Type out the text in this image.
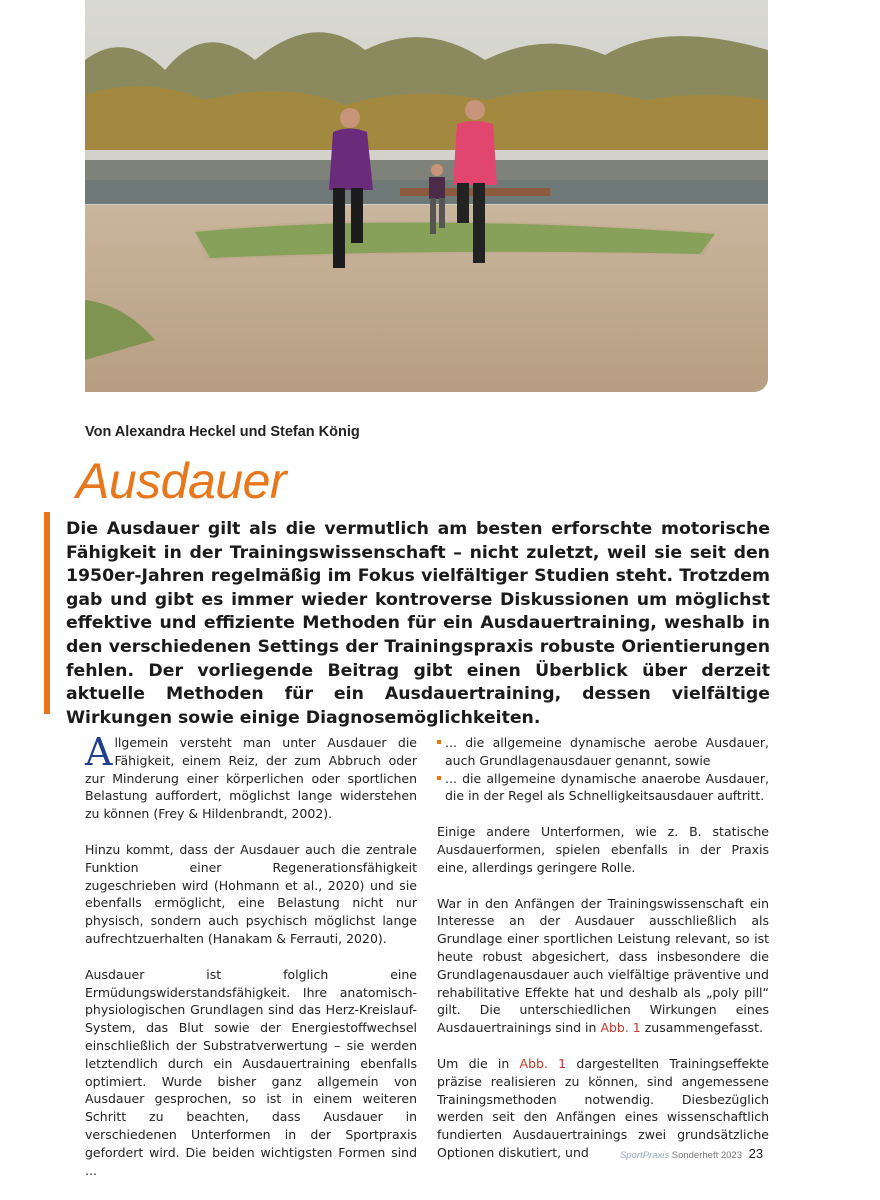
Von Alexandra Heckel und Stefan König
Ausdauer
Die Ausdauer gilt als die vermutlich am besten erforschte motorische Fähigkeit in der Trainingswissenschaft – nicht zuletzt, weil sie seit den 1950er-Jahren regelmäßig im Fokus vielfältiger Studien steht. Trotzdem gab und gibt es immer wieder kontroverse Diskussionen um möglichst effektive und effiziente Methoden für ein Ausdauertraining, weshalb in den verschiedenen Settings der Trainingspraxis robuste Orientierungen fehlen. Der vorliegende Beitrag gibt einen Überblick über derzeit aktuelle Methoden für ein Ausdauertraining, dessen vielfältige Wirkungen sowie einige Diagnosemöglichkeiten.

Allgemein versteht man unter Ausdauer die Fähigkeit, einem Reiz, der zum Abbruch oder zur Minderung einer körperlichen oder sportlichen Belastung auffordert, möglichst lange widerstehen zu können (Frey & Hildenbrandt, 2002).

Hinzu kommt, dass der Ausdauer auch die zentrale Funktion einer Regenerationsfähigkeit zugeschrieben wird (Hohmann et al., 2020) und sie ebenfalls ermöglicht, eine Belastung nicht nur physisch, sondern auch psychisch möglichst lange aufrechtzuerhalten (Hanakam & Ferrauti, 2020).

Ausdauer ist folglich eine Ermüdungswiderstandsfähigkeit. Ihre anatomisch-physiologischen Grundlagen sind das Herz-Kreislauf-System, das Blut sowie der Energiestoffwechsel einschließlich der Substratverwertung – sie werden letztendlich durch ein Ausdauertraining ebenfalls optimiert. Wurde bisher ganz allgemein von Ausdauer gesprochen, so ist in einem weiteren Schritt zu beachten, dass Ausdauer in verschiedenen Unterformen in der Sportpraxis gefordert wird. Die beiden wichtigsten Formen sind ...

... die allgemeine dynamische aerobe Ausdauer, auch Grundlagenausdauer genannt, sowie
... die allgemeine dynamische anaerobe Ausdauer, die in der Regel als Schnelligkeitsausdauer auftritt.

Einige andere Unterformen, wie z. B. statische Ausdauerformen, spielen ebenfalls in der Praxis eine, allerdings geringere Rolle.

War in den Anfängen der Trainingswissenschaft ein Interesse an der Ausdauer ausschließlich als Grundlage einer sportlichen Leistung relevant, so ist heute robust abgesichert, dass insbesondere die Grundlagenausdauer auch vielfältige präventive und rehabilitative Effekte hat und deshalb als „poly pill“ gilt. Die unterschiedlichen Wirkungen eines Ausdauertrainings sind in Abb. 1 zusammengefasst.

Um die in Abb. 1 dargestellten Trainingseffekte präzise realisieren zu können, sind angemessene Trainingsmethoden notwendig. Diesbezüglich werden seit den Anfängen eines wissenschaftlich fundierten Ausdauertrainings zwei grundsätzliche Optionen diskutiert, und	SportPraxis Sonderheft 2023 23
